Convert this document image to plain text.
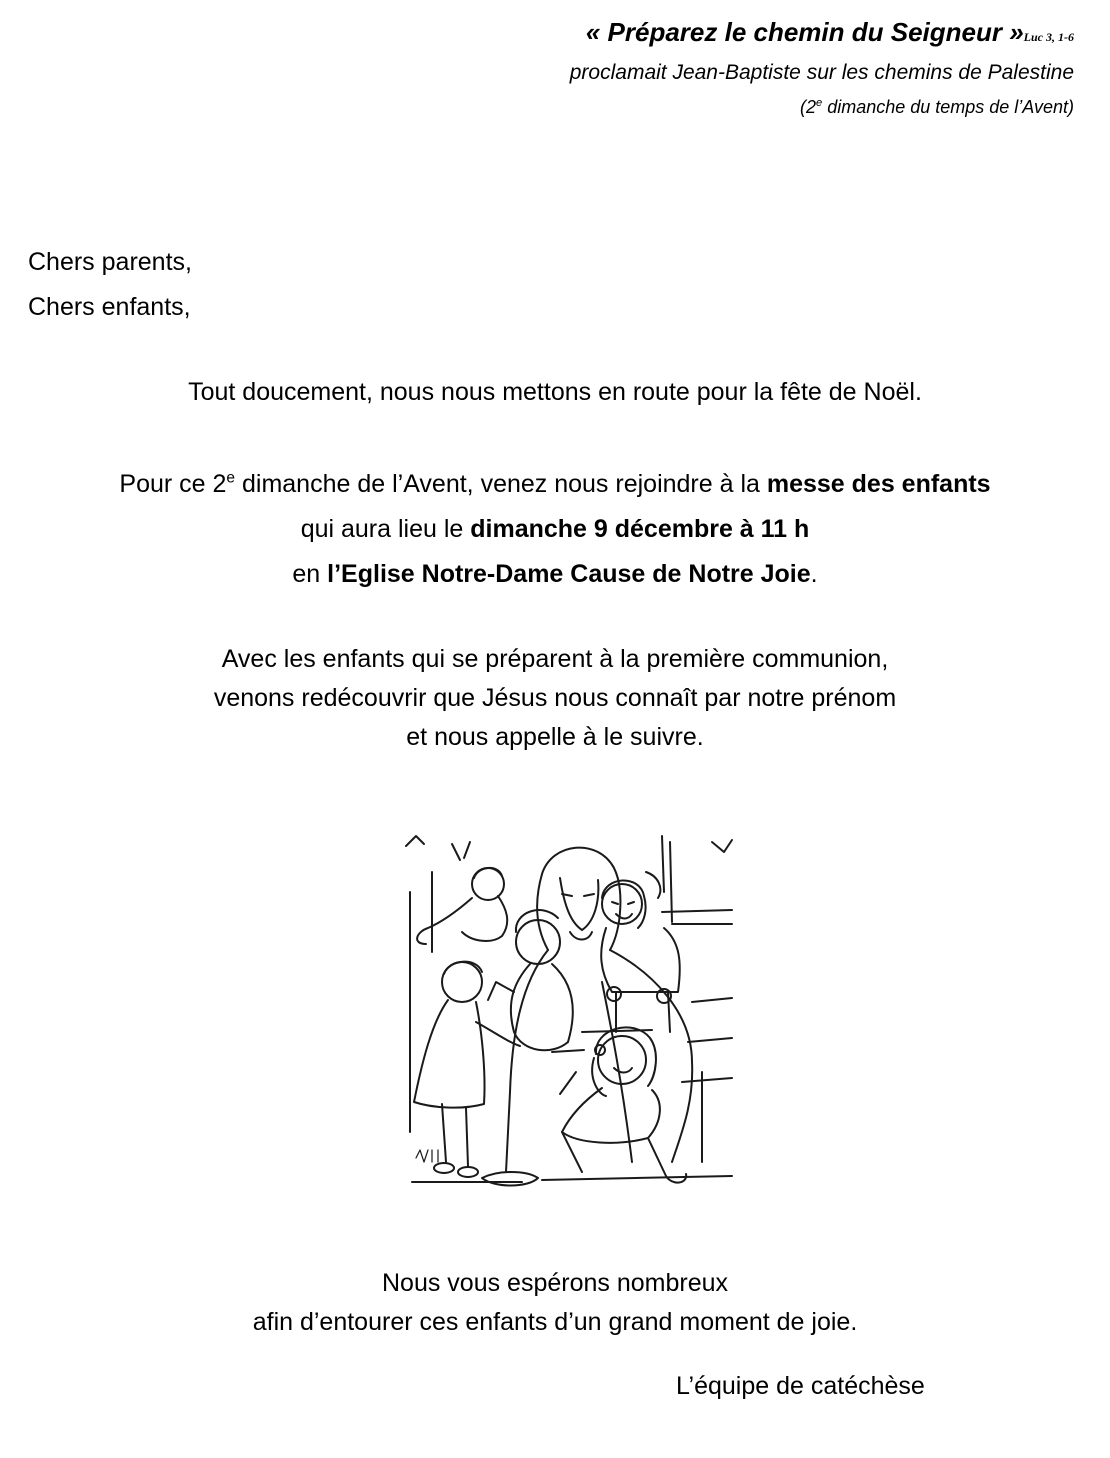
« Préparez le chemin du Seigneur »Luc 3, 1-6
proclamait Jean-Baptiste sur les chemins de Palestine
(2e dimanche du temps de l’Avent)
Chers parents,
Chers enfants,
Tout doucement, nous nous mettons en route pour la fête de Noël.
Pour ce 2e dimanche de l’Avent, venez nous rejoindre à la messe des enfants
qui aura lieu le dimanche 9 décembre à 11 h
en l’Eglise Notre-Dame Cause de Notre Joie.
Avec les enfants qui se préparent à la première communion,
venons redécouvrir que Jésus nous connaît par notre prénom
et nous appelle à le suivre.
Nous vous espérons nombreux
afin d’entourer ces enfants d’un grand moment de joie.
L’équipe de catéchèse
